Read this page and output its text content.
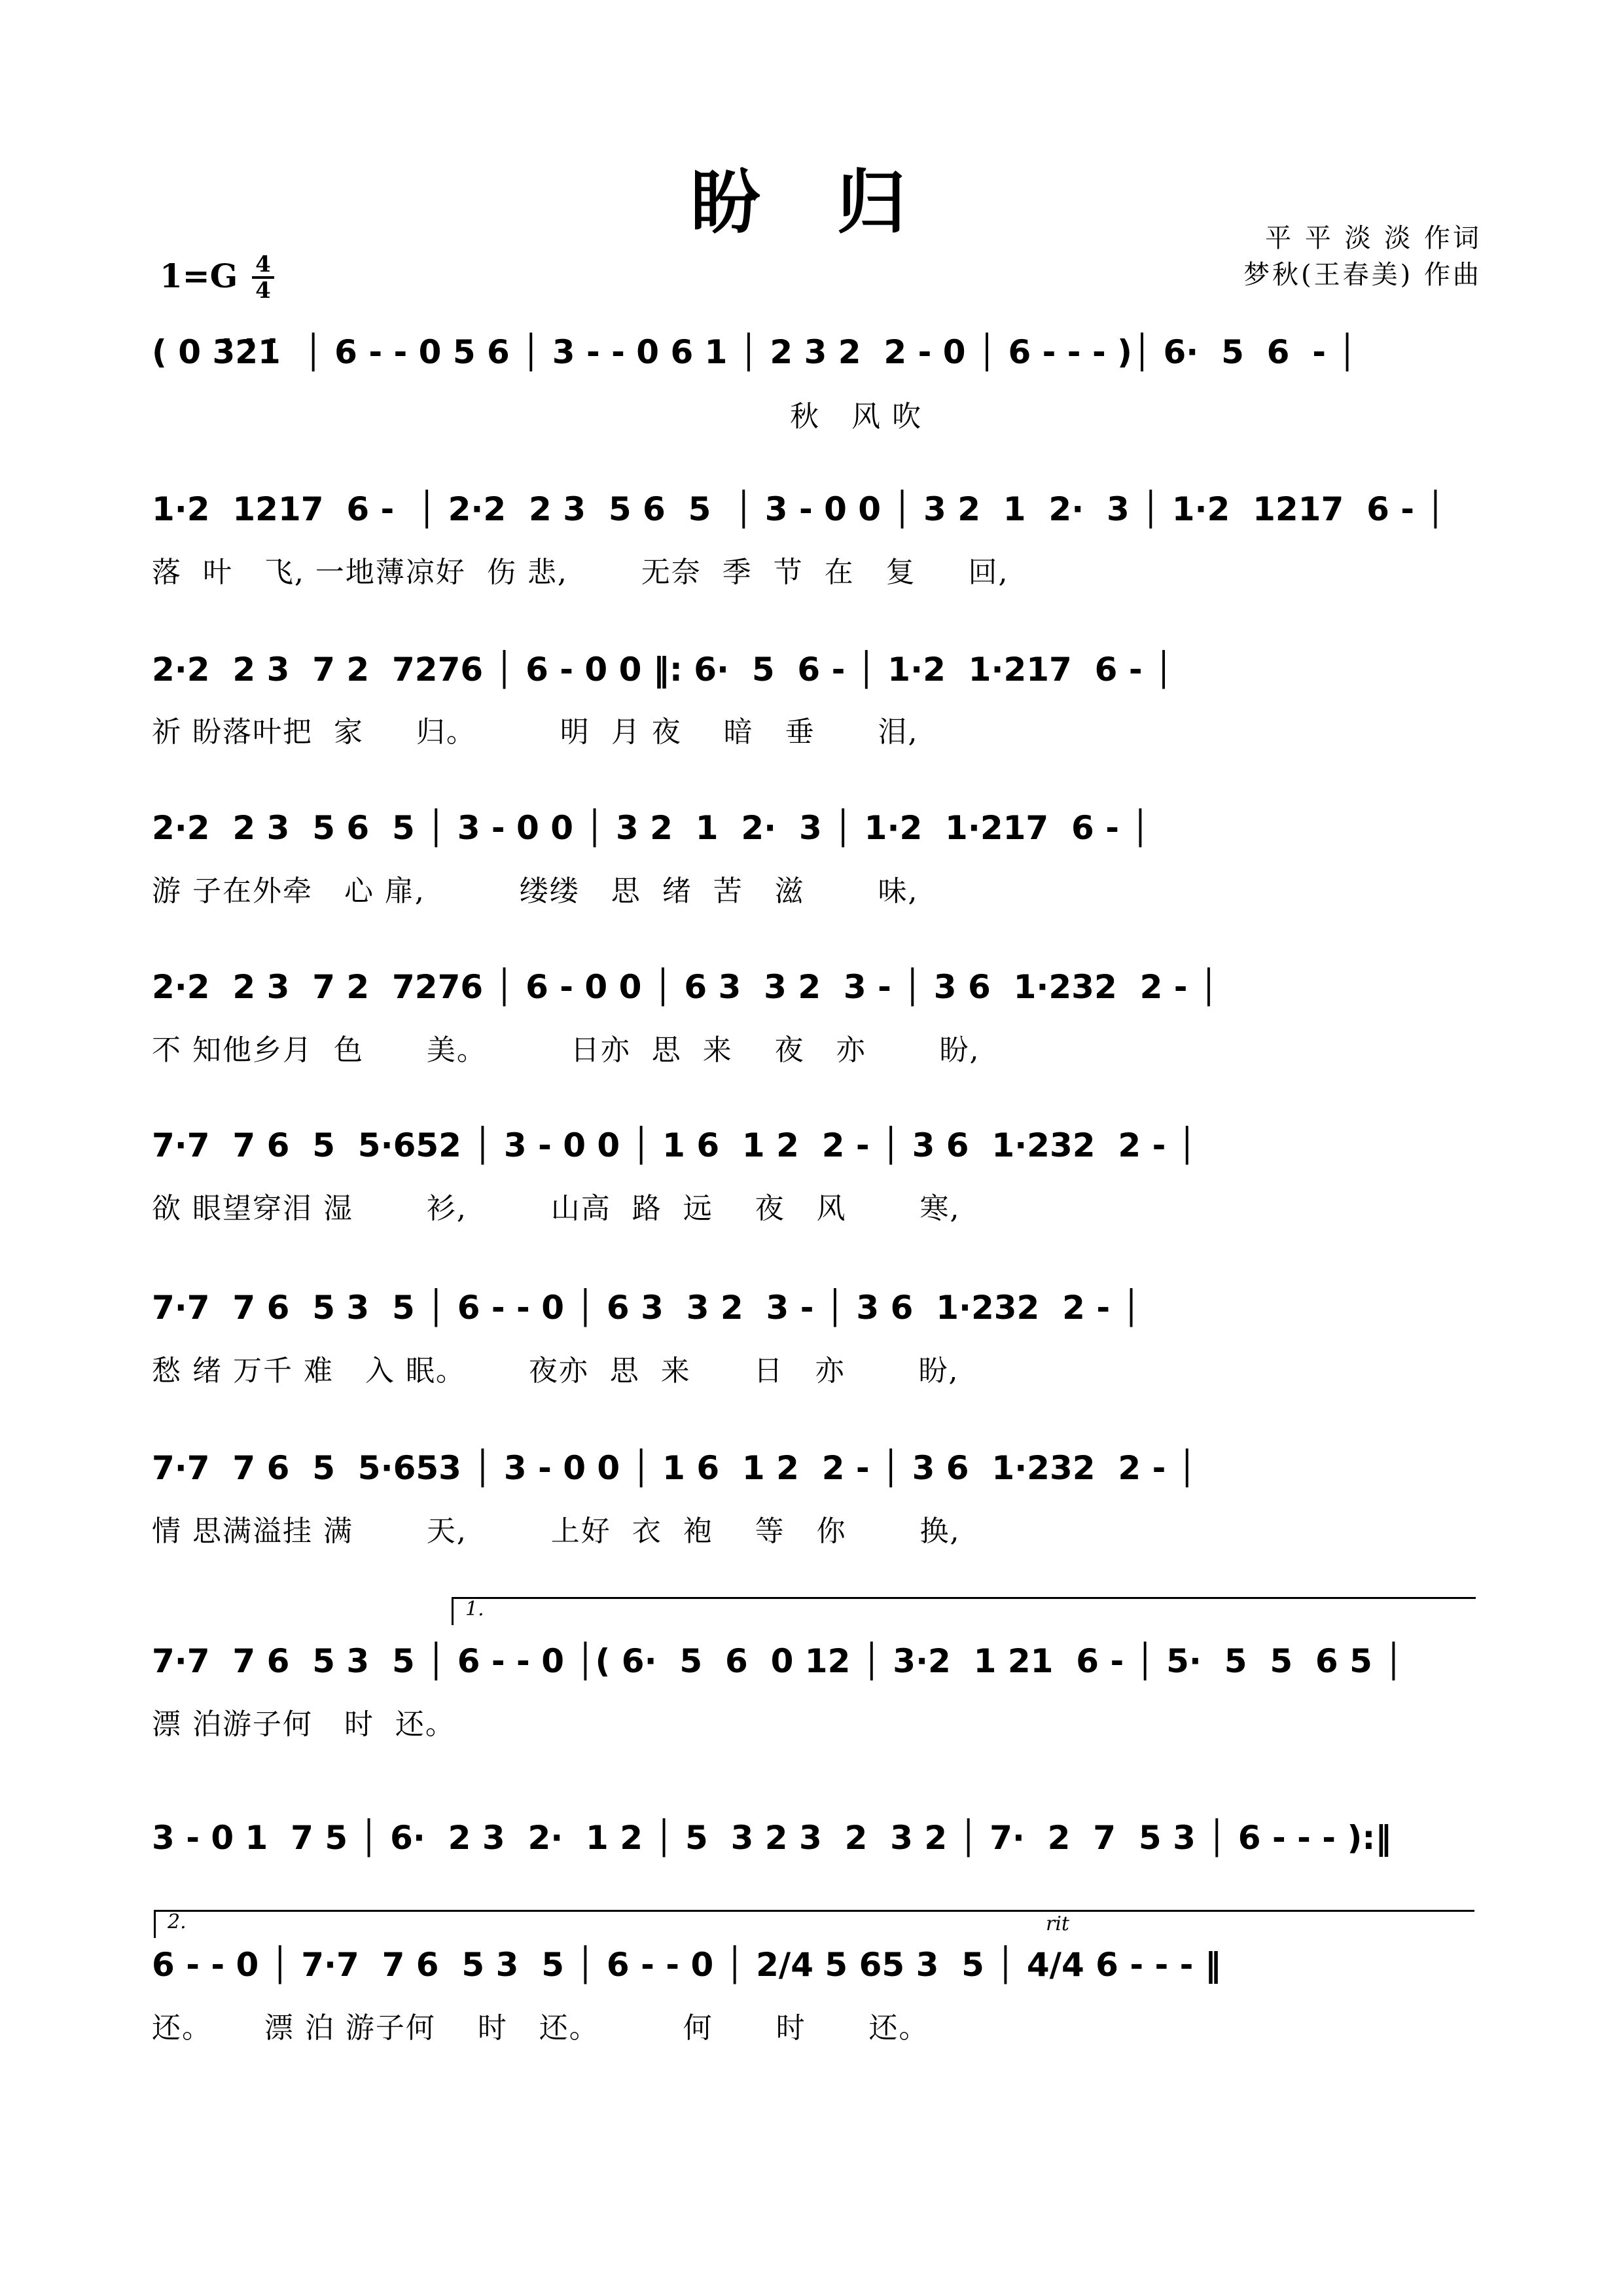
盼 归	平 平 淡 淡 作词
梦秋(王春美) 作曲
1=G 4
4
( 0 3̇2̇1̇  │ 6 - - 0 5 6 │ 3 - - 0 6 1 │ 2 3 2  2 - 0 │ 6 - - - )│ 6·  5  6  - │
秋   风 吹
1·2  1217  6 -  │ 2·2  2 3  5 6  5  │ 3 - 0 0 │ 3 2  1  2·  3 │ 1·2  1217  6 - │
落  叶   飞, 一地薄凉好  伤 悲,       无奈  季  节  在   复     回,
2·2  2 3  7 2  7276 │ 6 - 0 0 ‖: 6·  5  6 - │ 1·2  1·217  6 - │
祈 盼落叶把  家     归。        明  月 夜    暗   垂      泪,
2·2  2 3  5 6  5 │ 3 - 0 0 │ 3 2  1  2·  3 │ 1·2  1·217  6 - │
游 子在外牵   心 扉,         缕缕   思  绪  苦   滋       味,
2·2  2 3  7 2  7276 │ 6 - 0 0 │ 6 3  3 2  3 - │ 3 6  1·232  2 - │
不 知他乡月  色      美。        日亦  思  来    夜   亦       盼,
7·7  7 6  5  5·652 │ 3 - 0 0 │ 1 6  1 2  2 - │ 3 6  1·232  2 - │
欲 眼望穿泪 湿       衫,        山高  路  远    夜   风       寒,
7·7  7 6  5 3  5 │ 6 - - 0 │ 6 3  3 2  3 - │ 3 6  1·232  2 - │
愁 绪 万千 难   入 眠。      夜亦  思  来      日   亦       盼,
7·7  7 6  5  5·653 │ 3 - 0 0 │ 1 6  1 2  2 - │ 3 6  1·232  2 - │
情 思满溢挂 满       天,        上好  衣  袍    等   你       换,
1.
7·7  7 6  5 3  5 │ 6 - - 0 │( 6·  5  6  0 12 │ 3·2  1 21  6 - │ 5·  5  5  6 5 │
漂 泊游子何   时  还。
3 - 0 1  7 5 │ 6·  2 3  2·  1 2 │ 5  3 2 3  2  3 2 │ 7·  2  7  5 3 │ 6 - - - ):‖
2.	rit
6 - - 0 │ 7·7  7 6  5 3  5 │ 6 - - 0 │ 2/4 5 65 3  5 │ 4/4 6 - - - ‖
还。     漂 泊 游子何    时   还。        何      时      还。
